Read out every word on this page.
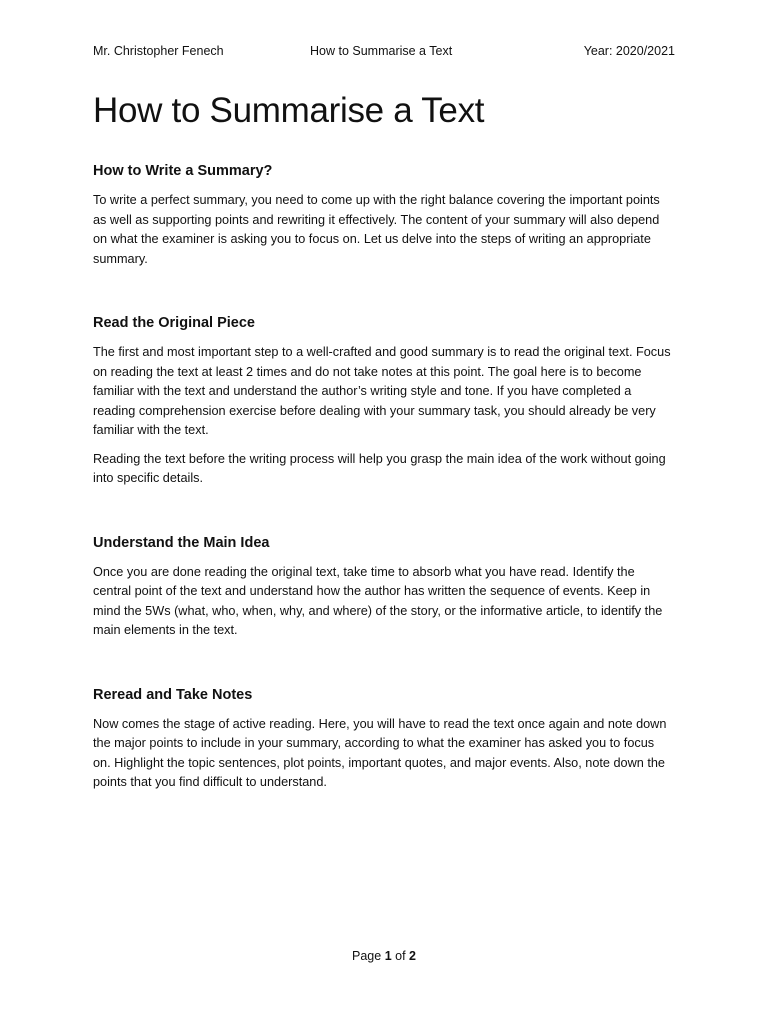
Mr. Christopher Fenech	How to Summarise a Text	Year: 2020/2021
How to Summarise a Text
How to Write a Summary?

To write a perfect summary, you need to come up with the right balance covering the important points as well as supporting points and rewriting it effectively. The content of your summary will also depend on what the examiner is asking you to focus on. Let us delve into the steps of writing an appropriate summary.

Read the Original Piece

The first and most important step to a well-crafted and good summary is to read the original text. Focus on reading the text at least 2 times and do not take notes at this point. The goal here is to become familiar with the text and understand the author’s writing style and tone. If you have completed a reading comprehension exercise before dealing with your summary task, you should already be very familiar with the text.

Reading the text before the writing process will help you grasp the main idea of the work without going into specific details.

Understand the Main Idea

Once you are done reading the original text, take time to absorb what you have read. Identify the central point of the text and understand how the author has written the sequence of events. Keep in mind the 5Ws (what, who, when, why, and where) of the story, or the informative article, to identify the main elements in the text.

Reread and Take Notes

Now comes the stage of active reading. Here, you will have to read the text once again and note down the major points to include in your summary, according to what the examiner has asked you to focus on. Highlight the topic sentences, plot points, important quotes, and major events. Also, note down the points that you find difficult to understand.

Page 1 of 2
